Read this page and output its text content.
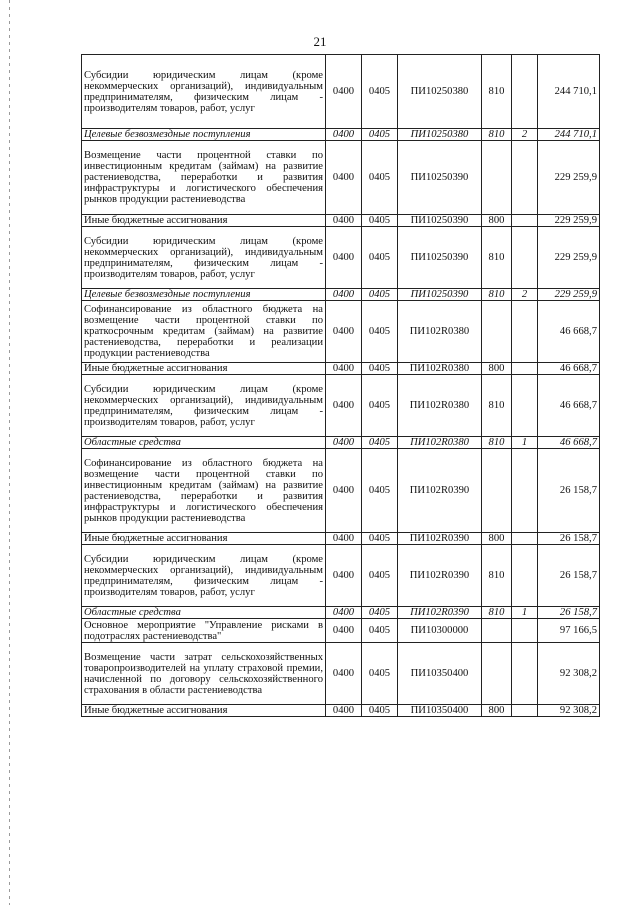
21
Субсидии юридическим лицам (кроме некоммерческих организаций), индивидуальным предпринимателям, физическим лицам - производителям товаров, работ, услуг	0400	0405	ПИ10250380	810		244 710,1
Целевые безвозмездные поступления	0400	0405	ПИ10250380	810	2	244 710,1
Возмещение части процентной ставки по инвестиционным кредитам (займам) на развитие растениеводства, переработки и развития инфраструктуры и логистического обеспечения рынков продукции растениеводства	0400	0405	ПИ10250390			229 259,9
Иные бюджетные ассигнования	0400	0405	ПИ10250390	800		229 259,9
Субсидии юридическим лицам (кроме некоммерческих организаций), индивидуальным предпринимателям, физическим лицам - производителям товаров, работ, услуг	0400	0405	ПИ10250390	810		229 259,9
Целевые безвозмездные поступления	0400	0405	ПИ10250390	810	2	229 259,9
Софинансирование из областного бюджета на возмещение части процентной ставки по краткосрочным кредитам (займам) на развитие растениеводства, переработки и реализации продукции растениеводства	0400	0405	ПИ102R0380			46 668,7
Иные бюджетные ассигнования	0400	0405	ПИ102R0380	800		46 668,7
Субсидии юридическим лицам (кроме некоммерческих организаций), индивидуальным предпринимателям, физическим лицам - производителям товаров, работ, услуг	0400	0405	ПИ102R0380	810		46 668,7
Областные средства	0400	0405	ПИ102R0380	810	1	46 668,7
Софинансирование из областного бюджета на возмещение части процентной ставки по инвестиционным кредитам (займам) на развитие растениеводства, переработки и развития инфраструктуры и логистического обеспечения рынков продукции растениеводства	0400	0405	ПИ102R0390			26 158,7
Иные бюджетные ассигнования	0400	0405	ПИ102R0390	800		26 158,7
Субсидии юридическим лицам (кроме некоммерческих организаций), индивидуальным предпринимателям, физическим лицам - производителям товаров, работ, услуг	0400	0405	ПИ102R0390	810		26 158,7
Областные средства	0400	0405	ПИ102R0390	810	1	26 158,7
Основное мероприятие "Управление рисками в подотраслях растениеводства"	0400	0405	ПИ10300000			97 166,5
Возмещение части затрат сельскохозяйственных товаропроизводителей на уплату страховой премии, начисленной по договору сельскохозяйственного страхования в области растениеводства	0400	0405	ПИ10350400			92 308,2
Иные бюджетные ассигнования	0400	0405	ПИ10350400	800		92 308,2
